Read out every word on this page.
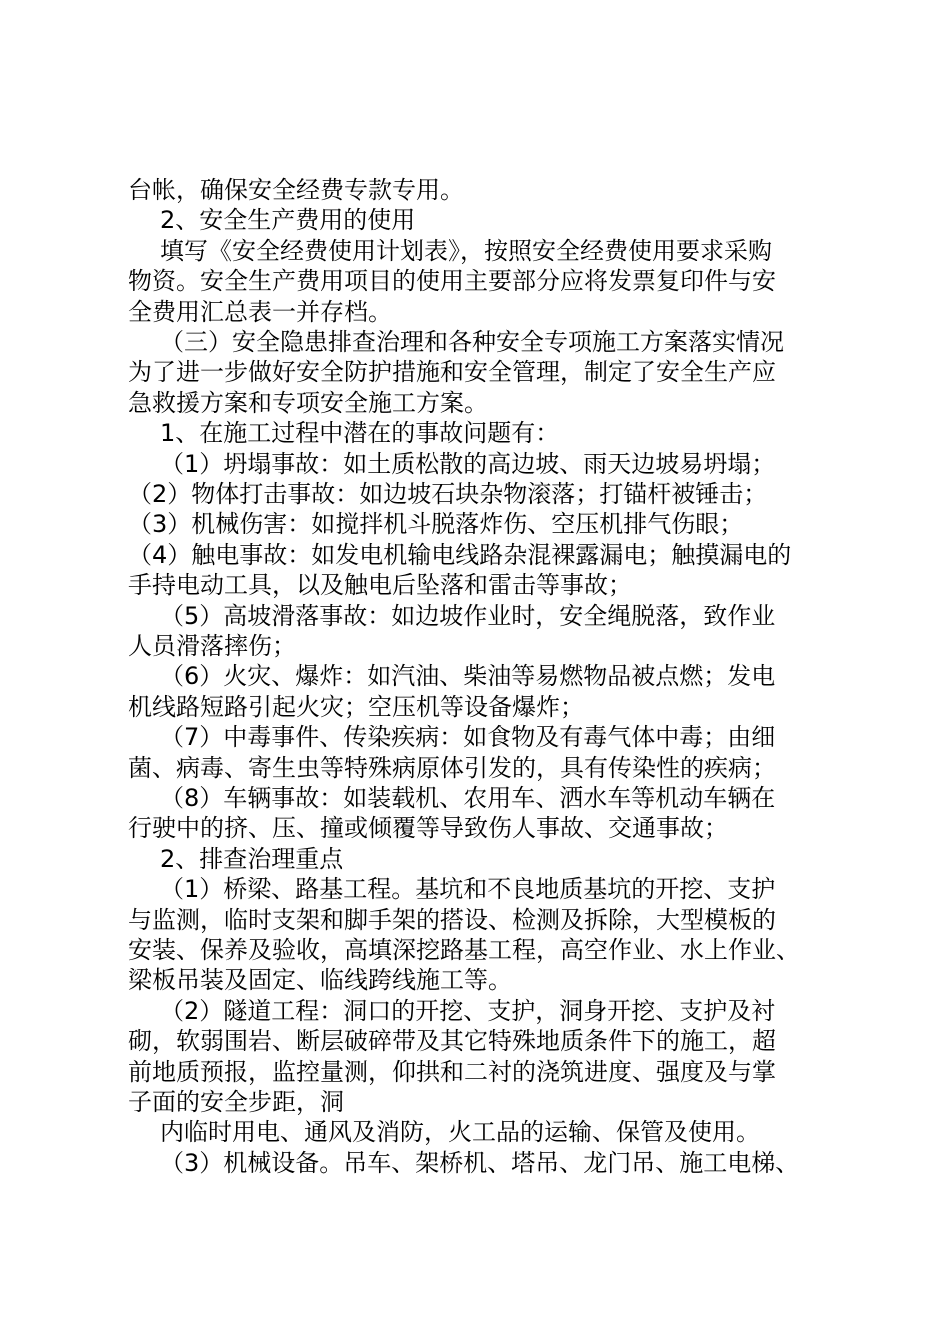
台帐，确保安全经费专款专用。
2、安全生产费用的使用
填写《安全经费使用计划表》，按照安全经费使用要求采购
物资。安全生产费用项目的使用主要部分应将发票复印件与安
全费用汇总表一并存档。
（三）安全隐患排查治理和各种安全专项施工方案落实情况
为了进一步做好安全防护措施和安全管理，制定了安全生产应
急救援方案和专项安全施工方案。
1、在施工过程中潜在的事故问题有：
（1）坍塌事故：如土质松散的高边坡、雨天边坡易坍塌；
（2）物体打击事故：如边坡石块杂物滚落；打锚杆被锤击；
（3）机械伤害：如搅拌机斗脱落炸伤、空压机排气伤眼；
（4）触电事故：如发电机输电线路杂混裸露漏电；触摸漏电的
手持电动工具，以及触电后坠落和雷击等事故；
（5）高坡滑落事故：如边坡作业时，安全绳脱落，致作业
人员滑落摔伤；
（6）火灾、爆炸：如汽油、柴油等易燃物品被点燃；发电
机线路短路引起火灾；空压机等设备爆炸；
（7）中毒事件、传染疾病：如食物及有毒气体中毒；由细
菌、病毒、寄生虫等特殊病原体引发的，具有传染性的疾病；
（8）车辆事故：如装载机、农用车、洒水车等机动车辆在
行驶中的挤、压、撞或倾覆等导致伤人事故、交通事故；
2、排查治理重点
（1）桥梁、路基工程。基坑和不良地质基坑的开挖、支护
与监测，临时支架和脚手架的搭设、检测及拆除，大型模板的
安装、保养及验收，高填深挖路基工程，高空作业、水上作业、
梁板吊装及固定、临线跨线施工等。
（2）隧道工程：洞口的开挖、支护，洞身开挖、支护及衬
砌，软弱围岩、断层破碎带及其它特殊地质条件下的施工，超
前地质预报，监控量测，仰拱和二衬的浇筑进度、强度及与掌
子面的安全步距，洞
内临时用电、通风及消防，火工品的运输、保管及使用。
（3）机械设备。吊车、架桥机、塔吊、龙门吊、施工电梯、
